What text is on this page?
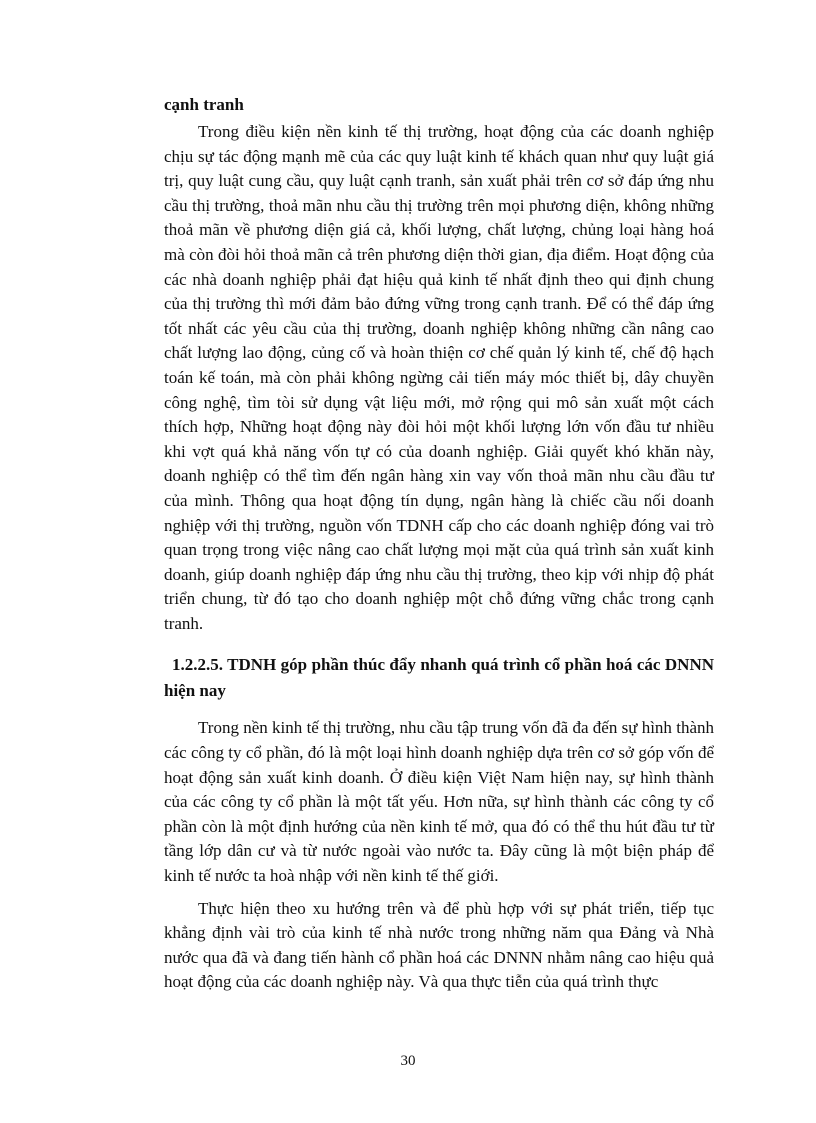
cạnh tranh

Trong điều kiện nền kinh tế thị trường, hoạt động của các doanh nghiệp chịu sự tác động mạnh mẽ của các quy luật kinh tế khách quan như quy luật giá trị, quy luật cung cầu, quy luật cạnh tranh, sản xuất phải trên cơ sở đáp ứng nhu cầu thị trường, thoả mãn nhu cầu thị trường trên mọi phương diện, không những thoả mãn về phương diện giá cả, khối lượng, chất lượng, chủng loại hàng hoá mà còn đòi hỏi thoả mãn cả trên phương diện thời gian, địa điểm. Hoạt động của các nhà doanh nghiệp phải đạt hiệu quả kinh tế nhất định theo qui định chung của thị trường thì mới đảm bảo đứng vững trong cạnh tranh. Để có thể đáp ứng tốt nhất các yêu cầu của thị trường, doanh nghiệp không những cần nâng cao chất lượng lao động, củng cố và hoàn thiện cơ chế quản lý kinh tế, chế độ hạch toán kế toán, mà còn phải không ngừng cải tiến máy móc thiết bị, dây chuyền công nghệ, tìm tòi sử dụng vật liệu mới, mở rộng qui mô sản xuất một cách thích hợp, Những hoạt động này đòi hỏi một khối lượng lớn vốn đầu tư nhiều khi vợt quá khả năng vốn tự có của doanh nghiệp. Giải quyết khó khăn này, doanh nghiệp có thể tìm đến ngân hàng xin vay vốn thoả mãn nhu cầu đầu tư của mình. Thông qua hoạt động tín dụng, ngân hàng là chiếc cầu nối doanh nghiệp với thị trường, nguồn vốn TDNH cấp cho các doanh nghiệp đóng vai trò quan trọng trong việc nâng cao chất lượng mọi mặt của quá trình sản xuất kinh doanh, giúp doanh nghiệp đáp ứng nhu cầu thị trường, theo kịp với nhịp độ phát triển chung, từ đó tạo cho doanh nghiệp một chỗ đứng vững chắc trong cạnh tranh.

1.2.2.5. TDNH góp phần thúc đẩy nhanh quá trình cổ phần hoá các DNNN hiện nay

Trong nền kinh tế thị trường, nhu cầu tập trung vốn đã đa đến sự hình thành các công ty cổ phần, đó là một loại hình doanh nghiệp dựa trên cơ sở góp vốn để hoạt động sản xuất kinh doanh. Ở điều kiện Việt Nam hiện nay, sự hình thành của các công ty cổ phần là một tất yếu. Hơn nữa, sự hình thành các công ty cổ phần còn là một định hướng của nền kinh tế mở, qua đó có thể thu hút đầu tư từ tầng lớp dân cư và từ nước ngoài vào nước ta. Đây cũng là một biện pháp để kinh tế nước ta hoà nhập với nền kinh tế thế giới.

Thực hiện theo xu hướng trên và để phù hợp với sự phát triển, tiếp tục khẳng định vài trò của kinh tế nhà nước trong những năm qua Đảng và Nhà nước qua đã và đang tiến hành cổ phần hoá các DNNN nhằm nâng cao hiệu quả hoạt động của các doanh nghiệp này. Và qua thực tiễn của quá trình thực

30
